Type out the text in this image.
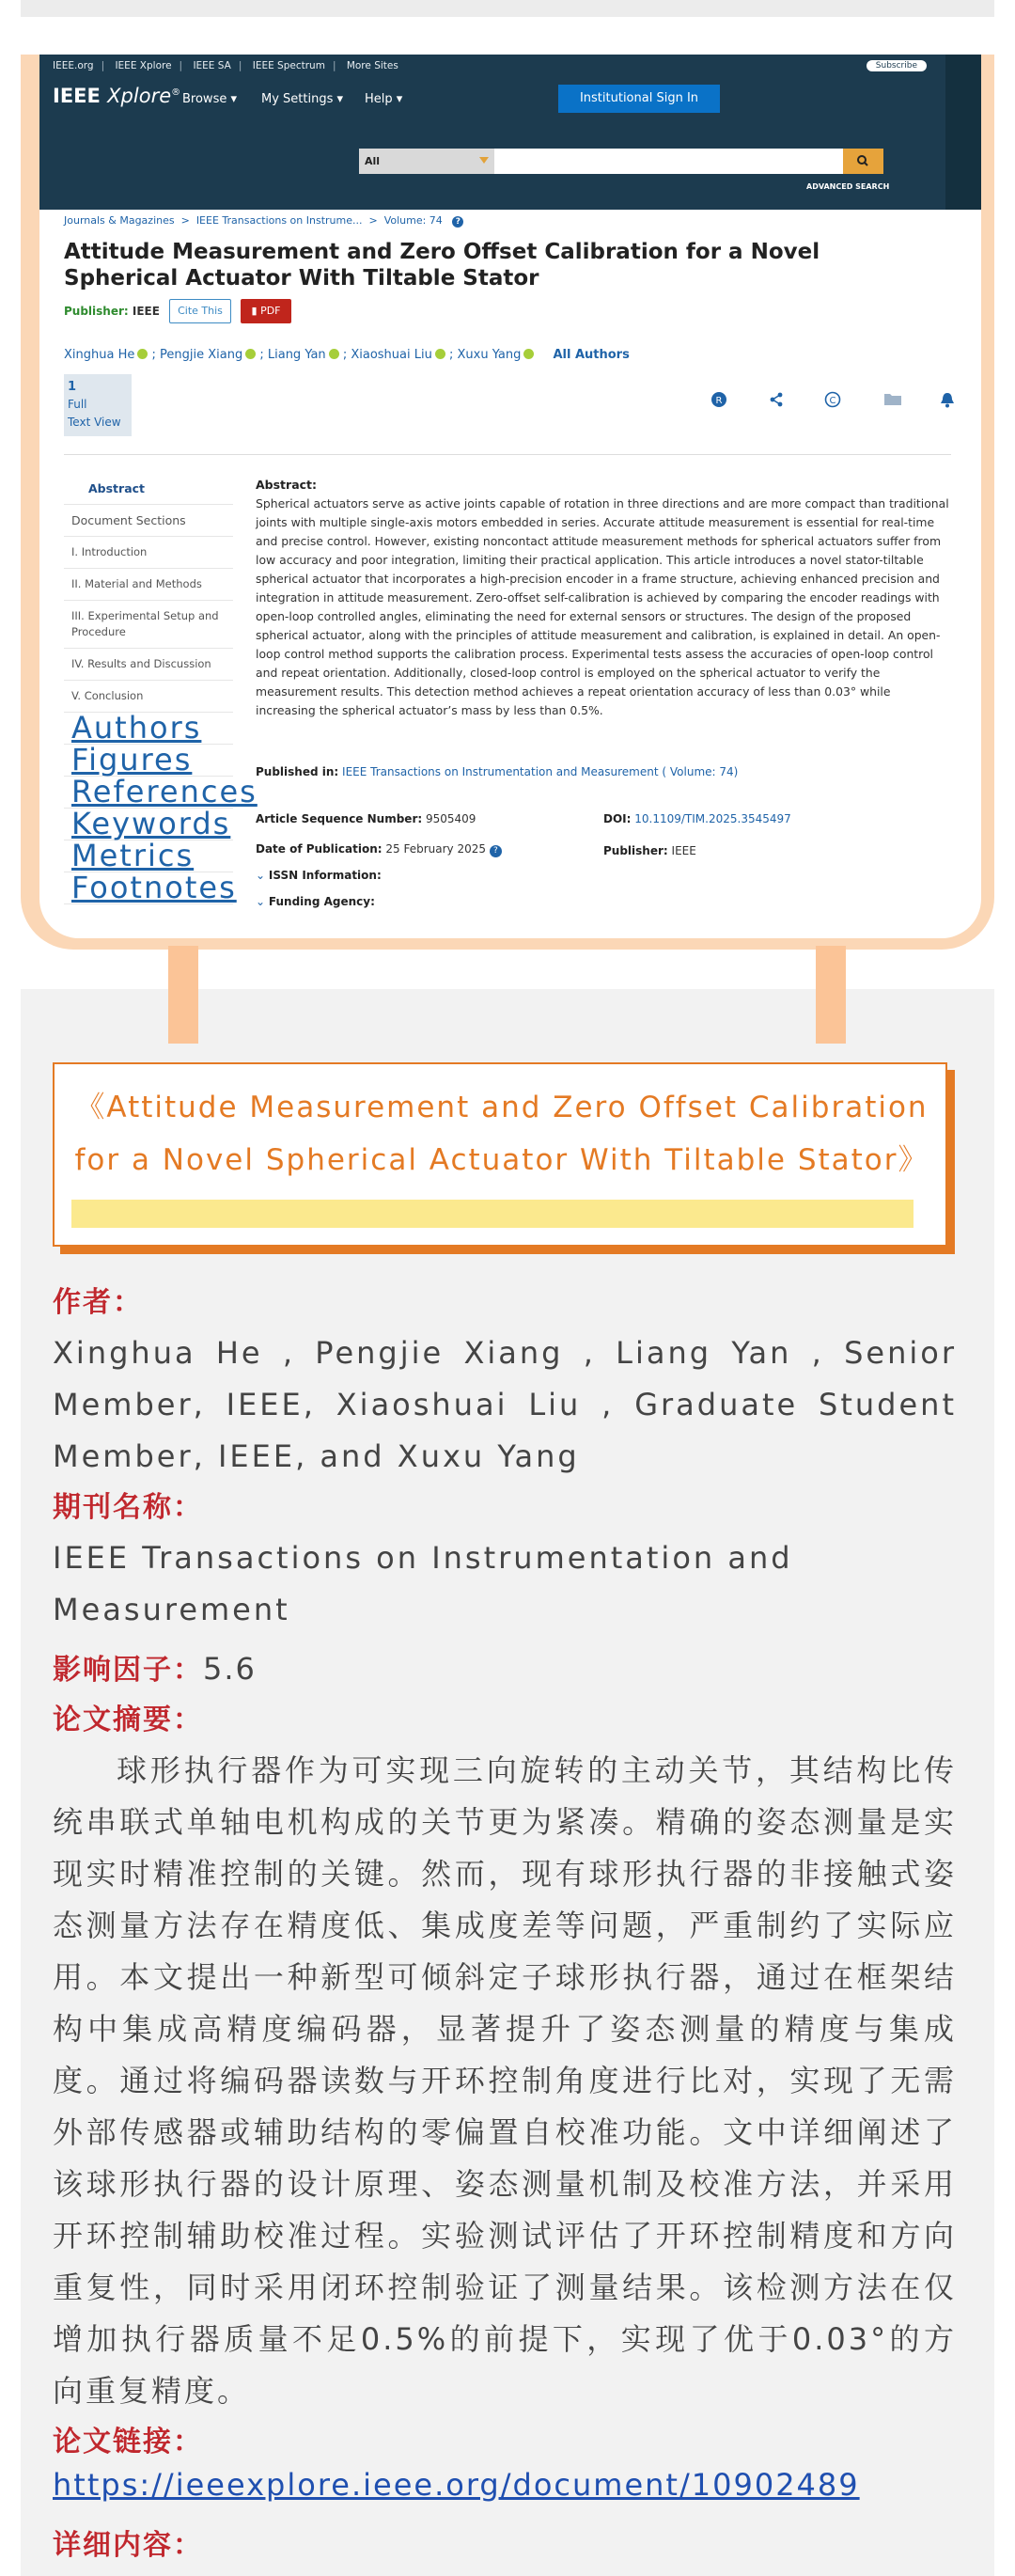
IEEE.org | IEEE Xplore | IEEE SA | IEEE Spectrum | More Sites	Subscribe
IEEE Xplore® Browse ▾ My Settings ▾ Help ▾	Institutional Sign In
All
ADVANCED SEARCH
Journals & Magazines  >  IEEE Transactions on Instrume...  >  Volume: 74 ?
Attitude Measurement and Zero Offset Calibration for a Novel Spherical Actuator With Tiltable Stator
Publisher: IEEE	Cite This	▮ PDF
Xinghua He ; Pengjie Xiang ; Liang Yan ; Xiaoshuai Liu ; Xuxu Yang	All Authors
1
Full
Text View
R	C
Abstract
Document Sections
I. Introduction
II. Material and Methods
III. Experimental Setup and Procedure
IV. Results and Discussion
V. Conclusion
Authors
Figures
References
Keywords
Metrics
Footnotes
Abstract:

Spherical actuators serve as active joints capable of rotation in three directions and are more compact than traditional joints with multiple single-axis motors embedded in series. Accurate attitude measurement is essential for real-time and precise control. However, existing noncontact attitude measurement methods for spherical actuators suffer from low accuracy and poor integration, limiting their practical application. This article introduces a novel stator-tiltable spherical actuator that incorporates a high-precision encoder in a frame structure, achieving enhanced precision and integration in attitude measurement. Zero-offset self-calibration is achieved by comparing the encoder readings with open-loop controlled angles, eliminating the need for external sensors or structures. The design of the proposed spherical actuator, along with the principles of attitude measurement and calibration, is explained in detail. An open-loop control method supports the calibration process. Experimental tests assess the accuracies of open-loop control and repeat orientation. Additionally, closed-loop control is employed on the spherical actuator to verify the measurement results. This detection method achieves a repeat orientation accuracy of less than 0.03° while increasing the spherical actuator’s mass by less than 0.5%.

Published in: IEEE Transactions on Instrumentation and Measurement ( Volume: 74)
Article Sequence Number: 9505409	DOI: 10.1109/TIM.2025.3545497
Date of Publication: 25 February 2025 ?	Publisher: IEEE
⌄ ISSN Information:
⌄ Funding Agency:
《Attitude Measurement and Zero Offset Calibration for a Novel Spherical Actuator With Tiltable Stator》
作者：
Xinghua He , Pengjie Xiang , Liang Yan , Senior Member, IEEE, Xiaoshuai Liu , Graduate Student Member, IEEE, and Xuxu Yang
期刊名称：
IEEE Transactions on Instrumentation and Measurement
影响因子：5.6
论文摘要：
球形执行器作为可实现三向旋转的主动关节，其结构比传统串联式单轴电机构成的关节更为紧凑。精确的姿态测量是实现实时精准控制的关键。然而，现有球形执行器的非接触式姿态测量方法存在精度低、集成度差等问题，严重制约了实际应用。本文提出一种新型可倾斜定子球形执行器，通过在框架结构中集成高精度编码器，显著提升了姿态测量的精度与集成度。通过将编码器读数与开环控制角度进行比对，实现了无需外部传感器或辅助结构的零偏置自校准功能。文中详细阐述了该球形执行器的设计原理、姿态测量机制及校准方法，并采用开环控制辅助校准过程。实验测试评估了开环控制精度和方向重复性，同时采用闭环控制验证了测量结果。该检测方法在仅增加执行器质量不足0.5%的前提下，实现了优于0.03°的方向重复精度。
论文链接：
https://ieeexplore.ieee.org/document/10902489
详细内容：
